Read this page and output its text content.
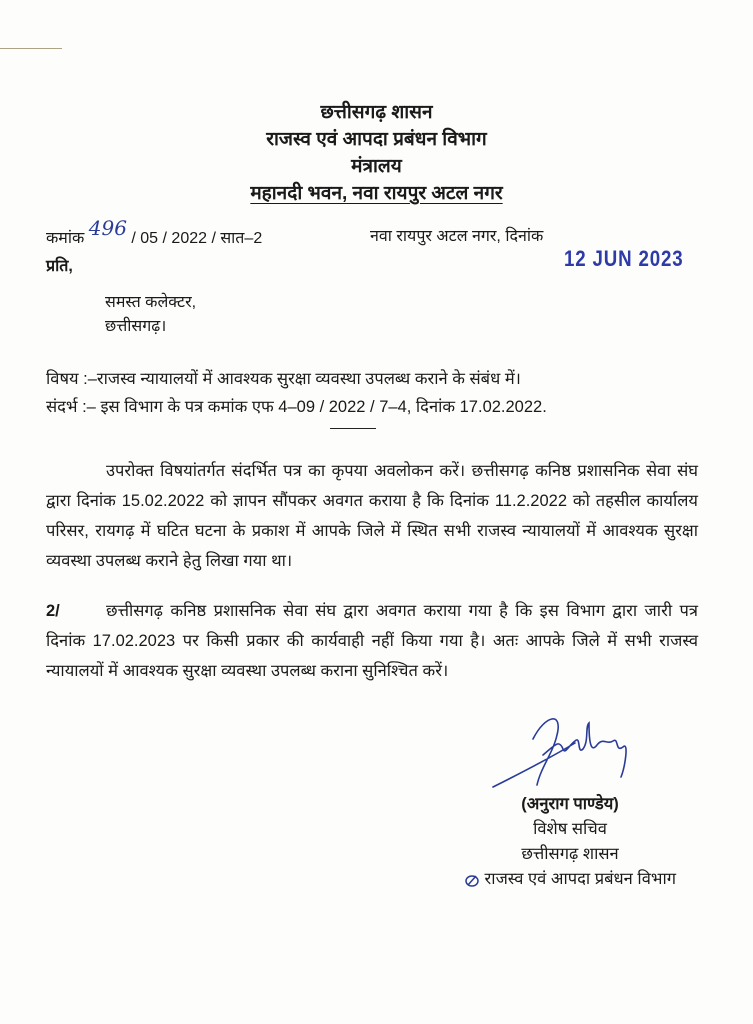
छत्तीसगढ़ शासन
राजस्व एवं आपदा प्रबंधन विभाग
मंत्रालय
महानदी भवन, नवा रायपुर अटल नगर
कमांक 496 / 05 / 2022 / सात–2	नवा रायपुर अटल नगर, दिनांक
12 JUN 2023
प्रति,
समस्त कलेक्टर,
छत्तीसगढ़।
विषय :–राजस्व न्यायालयों में आवश्यक सुरक्षा व्यवस्था उपलब्ध कराने के संबंध में।
संदर्भ :– इस विभाग के पत्र कमांक एफ 4–09 / 2022 / 7–4, दिनांक 17.02.2022.

उपरोक्त विषयांतर्गत संदर्भित पत्र का कृपया अवलोकन करें। छत्तीसगढ़ कनिष्ठ प्रशासनिक सेवा संघ द्वारा दिनांक 15.02.2022 को ज्ञापन सौंपकर अवगत कराया है कि दिनांक 11.2.2022 को तहसील कार्यालय परिसर, रायगढ़ में घटित घटना के प्रकाश में आपके जिले में स्थित सभी राजस्व न्यायालयों में आवश्यक सुरक्षा व्यवस्था उपलब्ध कराने हेतु लिखा गया था।

2/	छत्तीसगढ़ कनिष्ठ प्रशासनिक सेवा संघ द्वारा अवगत कराया गया है कि इस विभाग द्वारा जारी पत्र दिनांक 17.02.2023 पर किसी प्रकार की कार्यवाही नहीं किया गया है। अतः आपके जिले में सभी राजस्व न्यायालयों में आवश्यक सुरक्षा व्यवस्था उपलब्ध कराना सुनिश्चित करें।

(अनुराग पाण्डेय)
विशेष सचिव
छत्तीसगढ़ शासन
राजस्व एवं आपदा प्रबंधन विभाग
